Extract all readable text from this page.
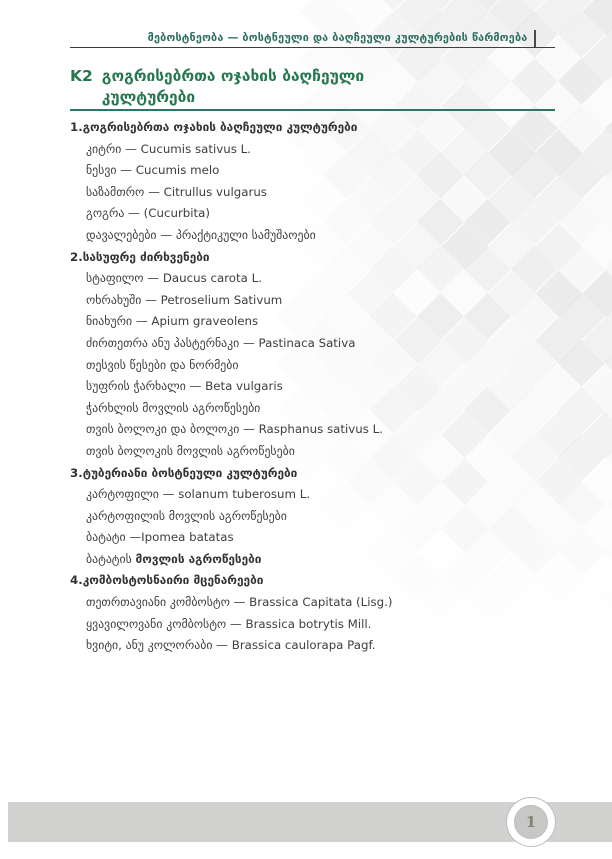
მებოსტნეობა — ბოსტნეული და ბაღჩეული კულტურების წარმოება
K2 გოგრისებრთა ოჯახის ბაღჩეული კულტურები
1.გოგრისებრთა ოჯახის ბაღჩეული კულტურები
კიტრი — Cucumis sativus L.
ნესვი — Cucumis melo
საზამთრო — Citrullus vulgarus
გოგრა — (Cucurbita)
დავალებები — პრაქტიკული სამუშაოები
2.სასუფრე ძირხვენები
სტაფილო — Daucus carota L.
ოხრახუში — Petroselium Sativum
ნიახური — Apium graveolens
ძირთეთრა ანუ პასტერნაკი — Pastinaca Sativa
თესვის წესები და ნორმები
სუფრის ჭარხალი — Beta vulgaris
ჭარხლის მოვლის აგროწესები
თვის ბოლოკი და ბოლოკი — Rasphanus sativus L.
თვის ბოლოკის მოვლის აგროწესები
3.ტუბერიანი ბოსტნეული კულტურები
კარტოფილი — solanum tuberosum L.
კარტოფილის მოვლის აგროწესები
ბატატი —Ipomea batatas
ბატატის მოვლის აგროწესები
4.კომბოსტოსნაირი მცენარეები
თეთრთავიანი კომბოსტო — Brassica Capitata (Lisg.)
ყვავილოვანი კომბოსტო — Brassica botrytis Mill.
ხვიტი, ანუ კოლორაბი — Brassica caulorapa Pagf.
1
